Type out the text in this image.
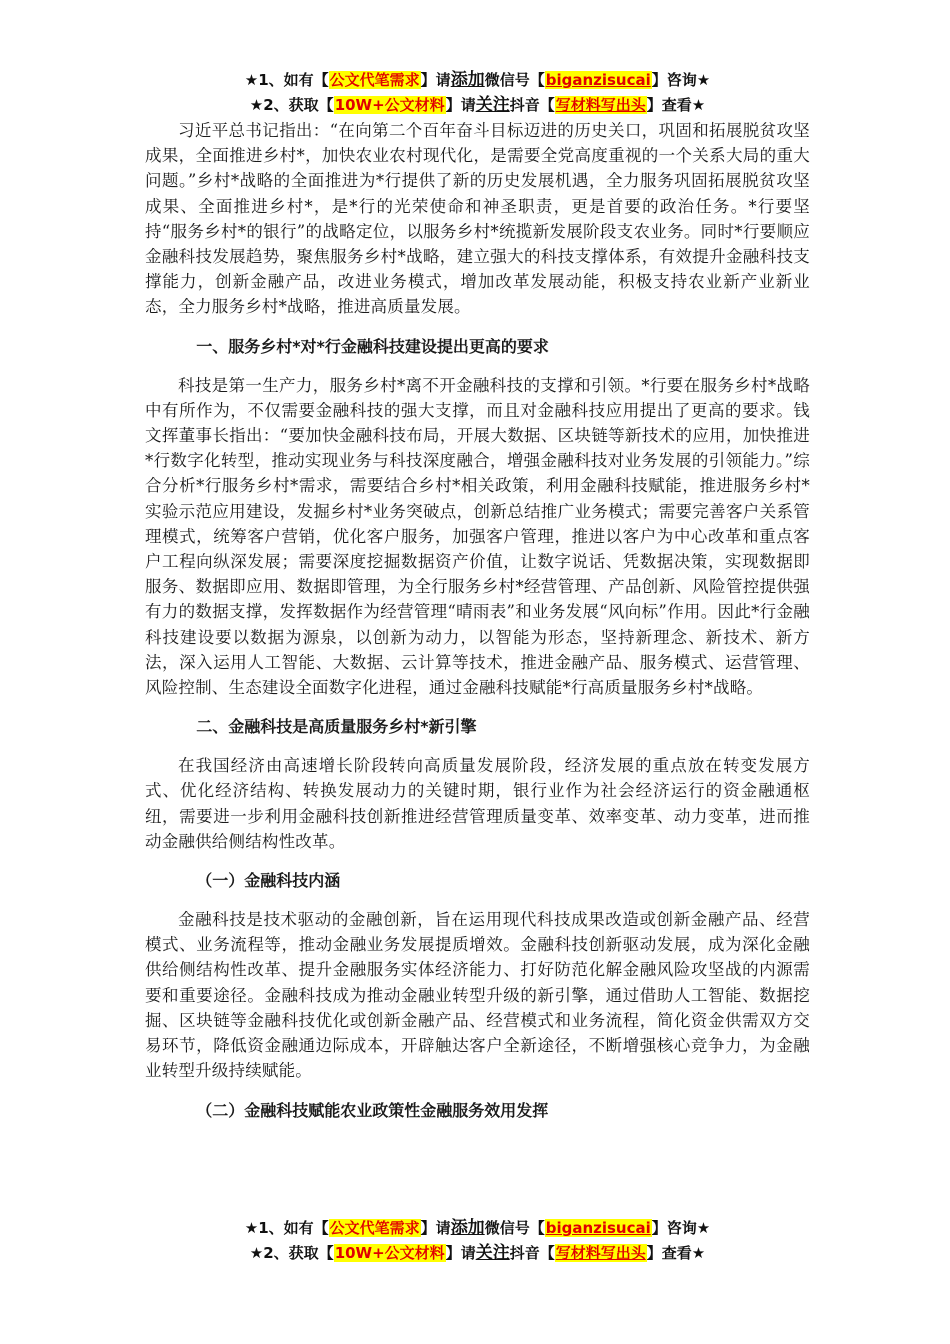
★1、如有【公文代笔需求】请添加微信号【biganzisucai】咨询★
★2、获取【10W+公文材料】请关注抖音【写材料写出头】查看★

习近平总书记指出：“在向第二个百年奋斗目标迈进的历史关口，巩固和拓展脱贫攻坚成果，全面推进乡村*，加快农业农村现代化，是需要全党高度重视的一个关系大局的重大问题。”乡村*战略的全面推进为*行提供了新的历史发展机遇，全力服务巩固拓展脱贫攻坚成果、全面推进乡村*，是*行的光荣使命和神圣职责，更是首要的政治任务。*行要坚持“服务乡村*的银行”的战略定位，以服务乡村*统揽新发展阶段支农业务。同时*行要顺应金融科技发展趋势，聚焦服务乡村*战略，建立强大的科技支撑体系，有效提升金融科技支撑能力，创新金融产品，改进业务模式，增加改革发展动能，积极支持农业新产业新业态，全力服务乡村*战略，推进高质量发展。

一、服务乡村*对*行金融科技建设提出更高的要求

科技是第一生产力，服务乡村*离不开金融科技的支撑和引领。*行要在服务乡村*战略中有所作为，不仅需要金融科技的强大支撑，而且对金融科技应用提出了更高的要求。钱文挥董事长指出：“要加快金融科技布局，开展大数据、区块链等新技术的应用，加快推进*行数字化转型，推动实现业务与科技深度融合，增强金融科技对业务发展的引领能力。”综合分析*行服务乡村*需求，需要结合乡村*相关政策，利用金融科技赋能，推进服务乡村*实验示范应用建设，发掘乡村*业务突破点，创新总结推广业务模式；需要完善客户关系管理模式，统筹客户营销，优化客户服务，加强客户管理，推进以客户为中心改革和重点客户工程向纵深发展；需要深度挖掘数据资产价值，让数字说话、凭数据决策，实现数据即服务、数据即应用、数据即管理，为全行服务乡村*经营管理、产品创新、风险管控提供强有力的数据支撑，发挥数据作为经营管理“晴雨表”和业务发展“风向标”作用。因此*行金融科技建设要以数据为源泉，以创新为动力，以智能为形态，坚持新理念、新技术、新方法，深入运用人工智能、大数据、云计算等技术，推进金融产品、服务模式、运营管理、风险控制、生态建设全面数字化进程，通过金融科技赋能*行高质量服务乡村*战略。

二、金融科技是高质量服务乡村*新引擎

在我国经济由高速增长阶段转向高质量发展阶段，经济发展的重点放在转变发展方式、优化经济结构、转换发展动力的关键时期，银行业作为社会经济运行的资金融通枢纽，需要进一步利用金融科技创新推进经营管理质量变革、效率变革、动力变革，进而推动金融供给侧结构性改革。

（一）金融科技内涵

金融科技是技术驱动的金融创新，旨在运用现代科技成果改造或创新金融产品、经营模式、业务流程等，推动金融业务发展提质增效。金融科技创新驱动发展，成为深化金融供给侧结构性改革、提升金融服务实体经济能力、打好防范化解金融风险攻坚战的内源需要和重要途径。金融科技成为推动金融业转型升级的新引擎，通过借助人工智能、数据挖掘、区块链等金融科技优化或创新金融产品、经营模式和业务流程，简化资金供需双方交易环节，降低资金融通边际成本，开辟触达客户全新途径，不断增强核心竞争力，为金融业转型升级持续赋能。

（二）金融科技赋能农业政策性金融服务效用发挥
★1、如有【公文代笔需求】请添加微信号【biganzisucai】咨询★
★2、获取【10W+公文材料】请关注抖音【写材料写出头】查看★
